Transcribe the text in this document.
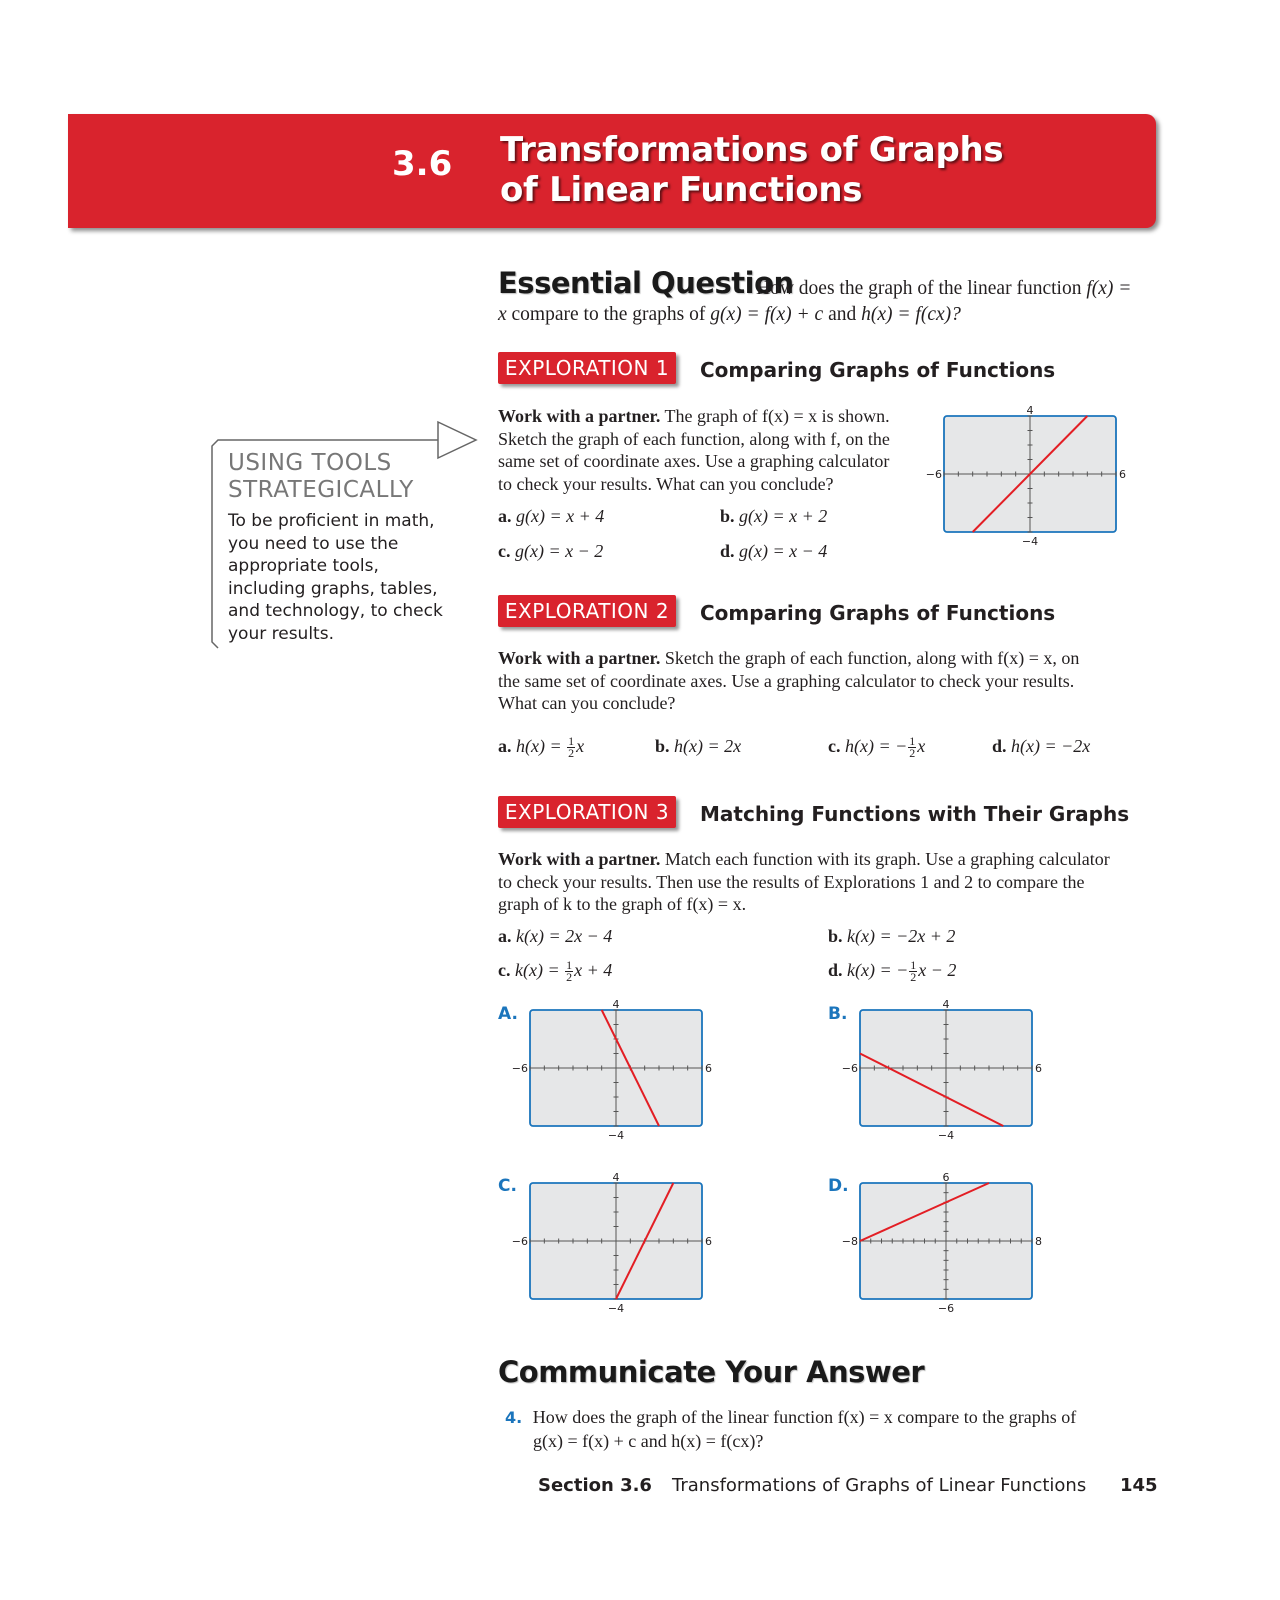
3.6 Transformations of Graphs
of Linear Functions
Essential Question
How does the graph of the linear function f(x) = x compare to the graphs of g(x) = f(x) + c and h(x) = f(cx)?
USING TOOLS
STRATEGICALLY
To be proficient in math, you need to use the appropriate tools, including graphs, tables, and technology, to check your results.
EXPLORATION 1	Comparing Graphs of Functions
Work with a partner. The graph of f(x) = x is shown.
Sketch the graph of each function, along with f, on the
same set of coordinate axes. Use a graphing calculator
to check your results. What can you conclude?
a. g(x) = x + 4	b. g(x) = x + 2
c. g(x) = x − 2	d. g(x) = x − 4
4
−4
−6	6
EXPLORATION 2	Comparing Graphs of Functions
Work with a partner. Sketch the graph of each function, along with f(x) = x, on
the same set of coordinate axes. Use a graphing calculator to check your results.
What can you conclude?
a. $h(x) = \frac{1}{2}$ x	b. h(x) = 2x	c. h(x) = − $\frac{1}{2}$ x	d. h(x) = −2x
EXPLORATION 3	Matching Functions with Their Graphs
Work with a partner. Match each function with its graph. Use a graphing calculator
to check your results. Then use the results of Explorations 1 and 2 to compare the
graph of k to the graph of f(x) = x.
a. k(x) = 2x − 4	b. k(x) = −2x + 2
c. $k(x) = \frac{1}{2}$ x + 4	d. k(x) = − $\frac{1}{2}$ x − 2
A.	B.
C.	D.
4
−4
−6	6
4
−4
−6	6
4
−4
−6	6
6
−6
−8	8
Communicate Your Answer
4. How does the graph of the linear function f(x) = x compare to the graphs of
g(x) = f(x) + c and h(x) = f(cx)?
Section 3.6 Transformations of Graphs of Linear Functions 145
